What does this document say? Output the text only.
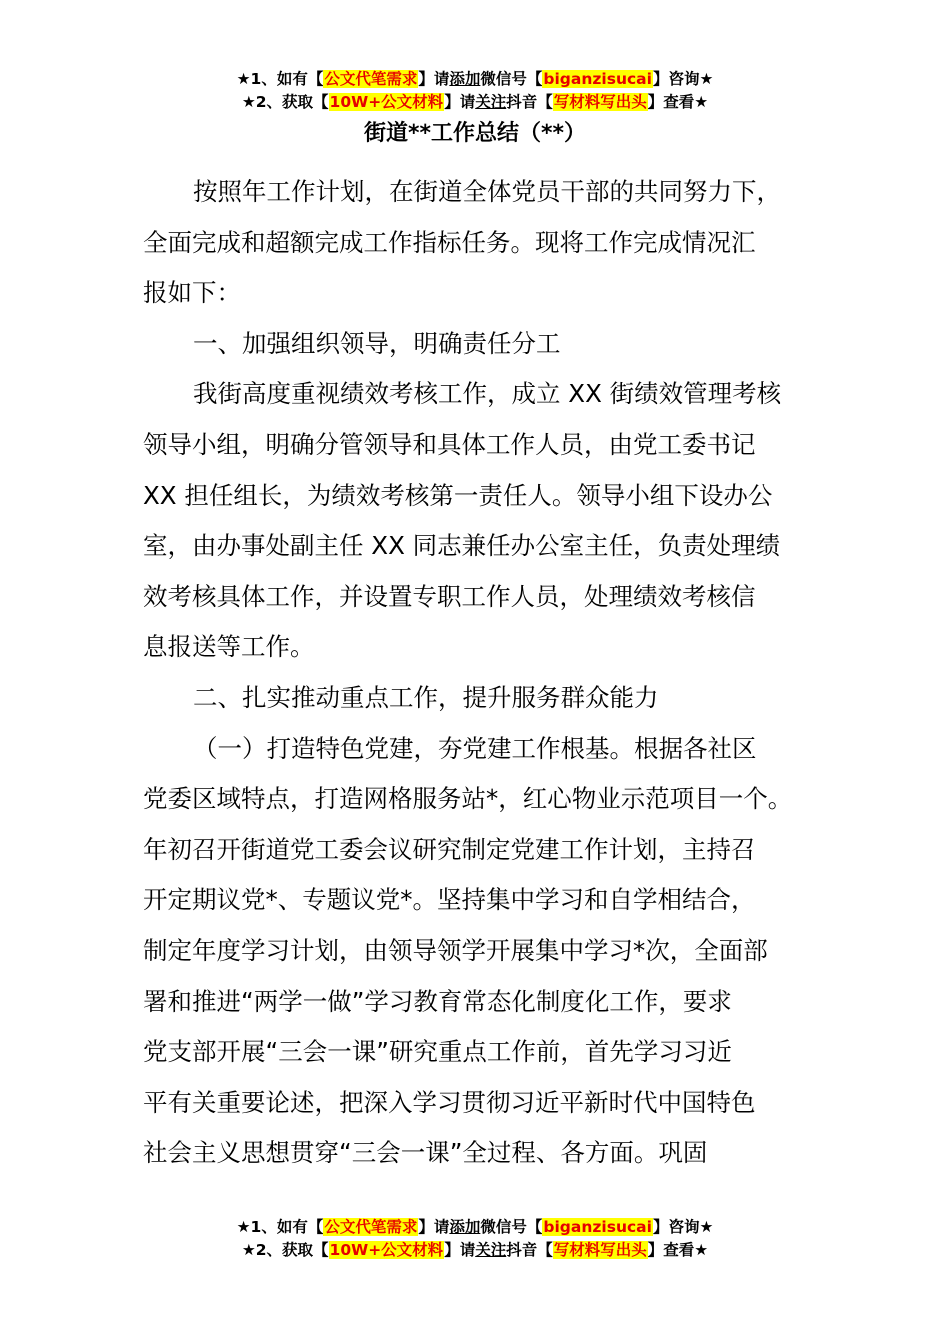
★1、如有【公文代笔需求】请添加微信号【biganzisucai】咨询★
★2、获取【10W+公文材料】请关注抖音【写材料写出头】查看★
街道**工作总结（**）
按照年工作计划，在街道全体党员干部的共同努力下，
全面完成和超额完成工作指标任务。现将工作完成情况汇
报如下：
一、加强组织领导，明确责任分工
我街高度重视绩效考核工作，成立 XX 街绩效管理考核
领导小组，明确分管领导和具体工作人员，由党工委书记
XX 担任组长，为绩效考核第一责任人。领导小组下设办公
室，由办事处副主任 XX 同志兼任办公室主任，负责处理绩
效考核具体工作，并设置专职工作人员，处理绩效考核信
息报送等工作。
二、扎实推动重点工作，提升服务群众能力
（一）打造特色党建，夯党建工作根基。根据各社区
党委区域特点，打造网格服务站*，红心物业示范项目一个。
年初召开街道党工委会议研究制定党建工作计划，主持召
开定期议党*、专题议党*。坚持集中学习和自学相结合，
制定年度学习计划，由领导领学开展集中学习*次，全面部
署和推进“两学一做”学习教育常态化制度化工作，要求
党支部开展“三会一课”研究重点工作前，首先学习习近
平有关重要论述，把深入学习贯彻习近平新时代中国特色
社会主义思想贯穿“三会一课”全过程、各方面。巩固
★1、如有【公文代笔需求】请添加微信号【biganzisucai】咨询★
★2、获取【10W+公文材料】请关注抖音【写材料写出头】查看★
